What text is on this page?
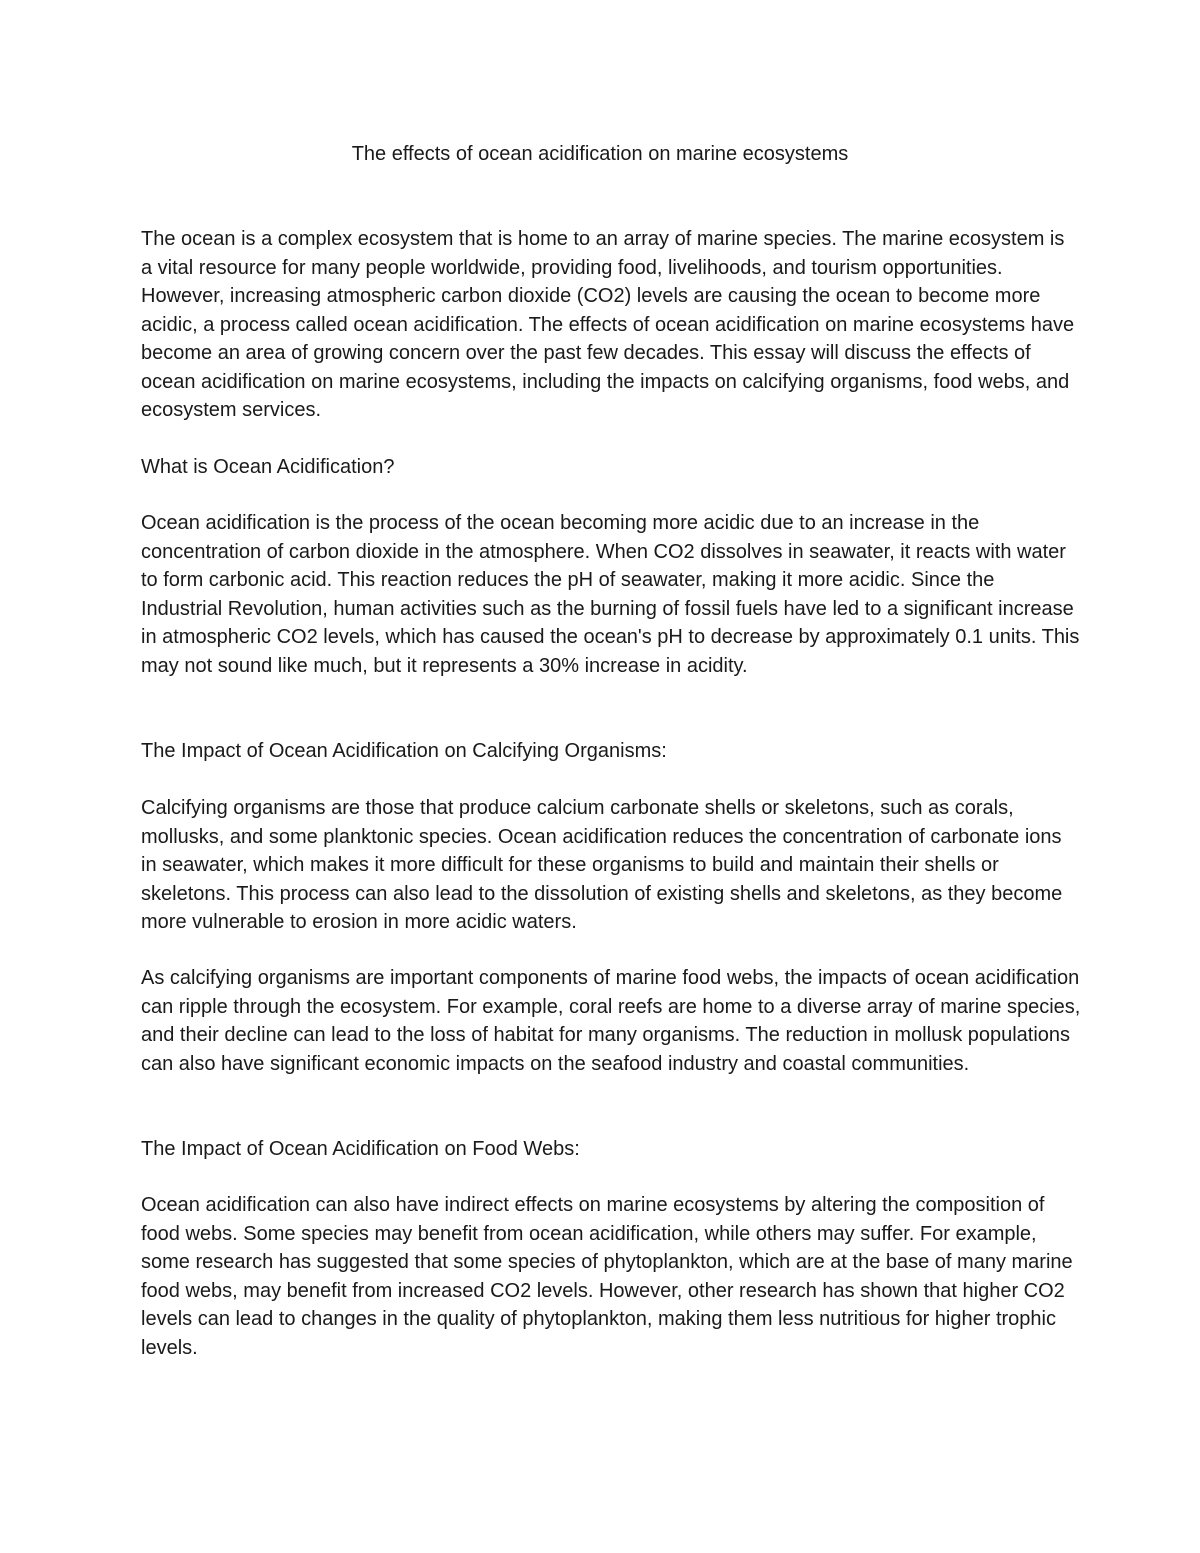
The effects of ocean acidification on marine ecosystems

The ocean is a complex ecosystem that is home to an array of marine species. The marine ecosystem is a vital resource for many people worldwide, providing food, livelihoods, and tourism opportunities. However, increasing atmospheric carbon dioxide (CO2) levels are causing the ocean to become more acidic, a process called ocean acidification. The effects of ocean acidification on marine ecosystems have become an area of growing concern over the past few decades. This essay will discuss the effects of ocean acidification on marine ecosystems, including the impacts on calcifying organisms, food webs, and ecosystem services.

What is Ocean Acidification?

Ocean acidification is the process of the ocean becoming more acidic due to an increase in the concentration of carbon dioxide in the atmosphere. When CO2 dissolves in seawater, it reacts with water to form carbonic acid. This reaction reduces the pH of seawater, making it more acidic. Since the Industrial Revolution, human activities such as the burning of fossil fuels have led to a significant increase in atmospheric CO2 levels, which has caused the ocean's pH to decrease by approximately 0.1 units. This may not sound like much, but it represents a 30% increase in acidity.

The Impact of Ocean Acidification on Calcifying Organisms:

Calcifying organisms are those that produce calcium carbonate shells or skeletons, such as corals, mollusks, and some planktonic species. Ocean acidification reduces the concentration of carbonate ions in seawater, which makes it more difficult for these organisms to build and maintain their shells or skeletons. This process can also lead to the dissolution of existing shells and skeletons, as they become more vulnerable to erosion in more acidic waters.

As calcifying organisms are important components of marine food webs, the impacts of ocean acidification can ripple through the ecosystem. For example, coral reefs are home to a diverse array of marine species, and their decline can lead to the loss of habitat for many organisms. The reduction in mollusk populations can also have significant economic impacts on the seafood industry and coastal communities.

The Impact of Ocean Acidification on Food Webs:

Ocean acidification can also have indirect effects on marine ecosystems by altering the composition of food webs. Some species may benefit from ocean acidification, while others may suffer. For example, some research has suggested that some species of phytoplankton, which are at the base of many marine food webs, may benefit from increased CO2 levels. However, other research has shown that higher CO2 levels can lead to changes in the quality of phytoplankton, making them less nutritious for higher trophic levels.
